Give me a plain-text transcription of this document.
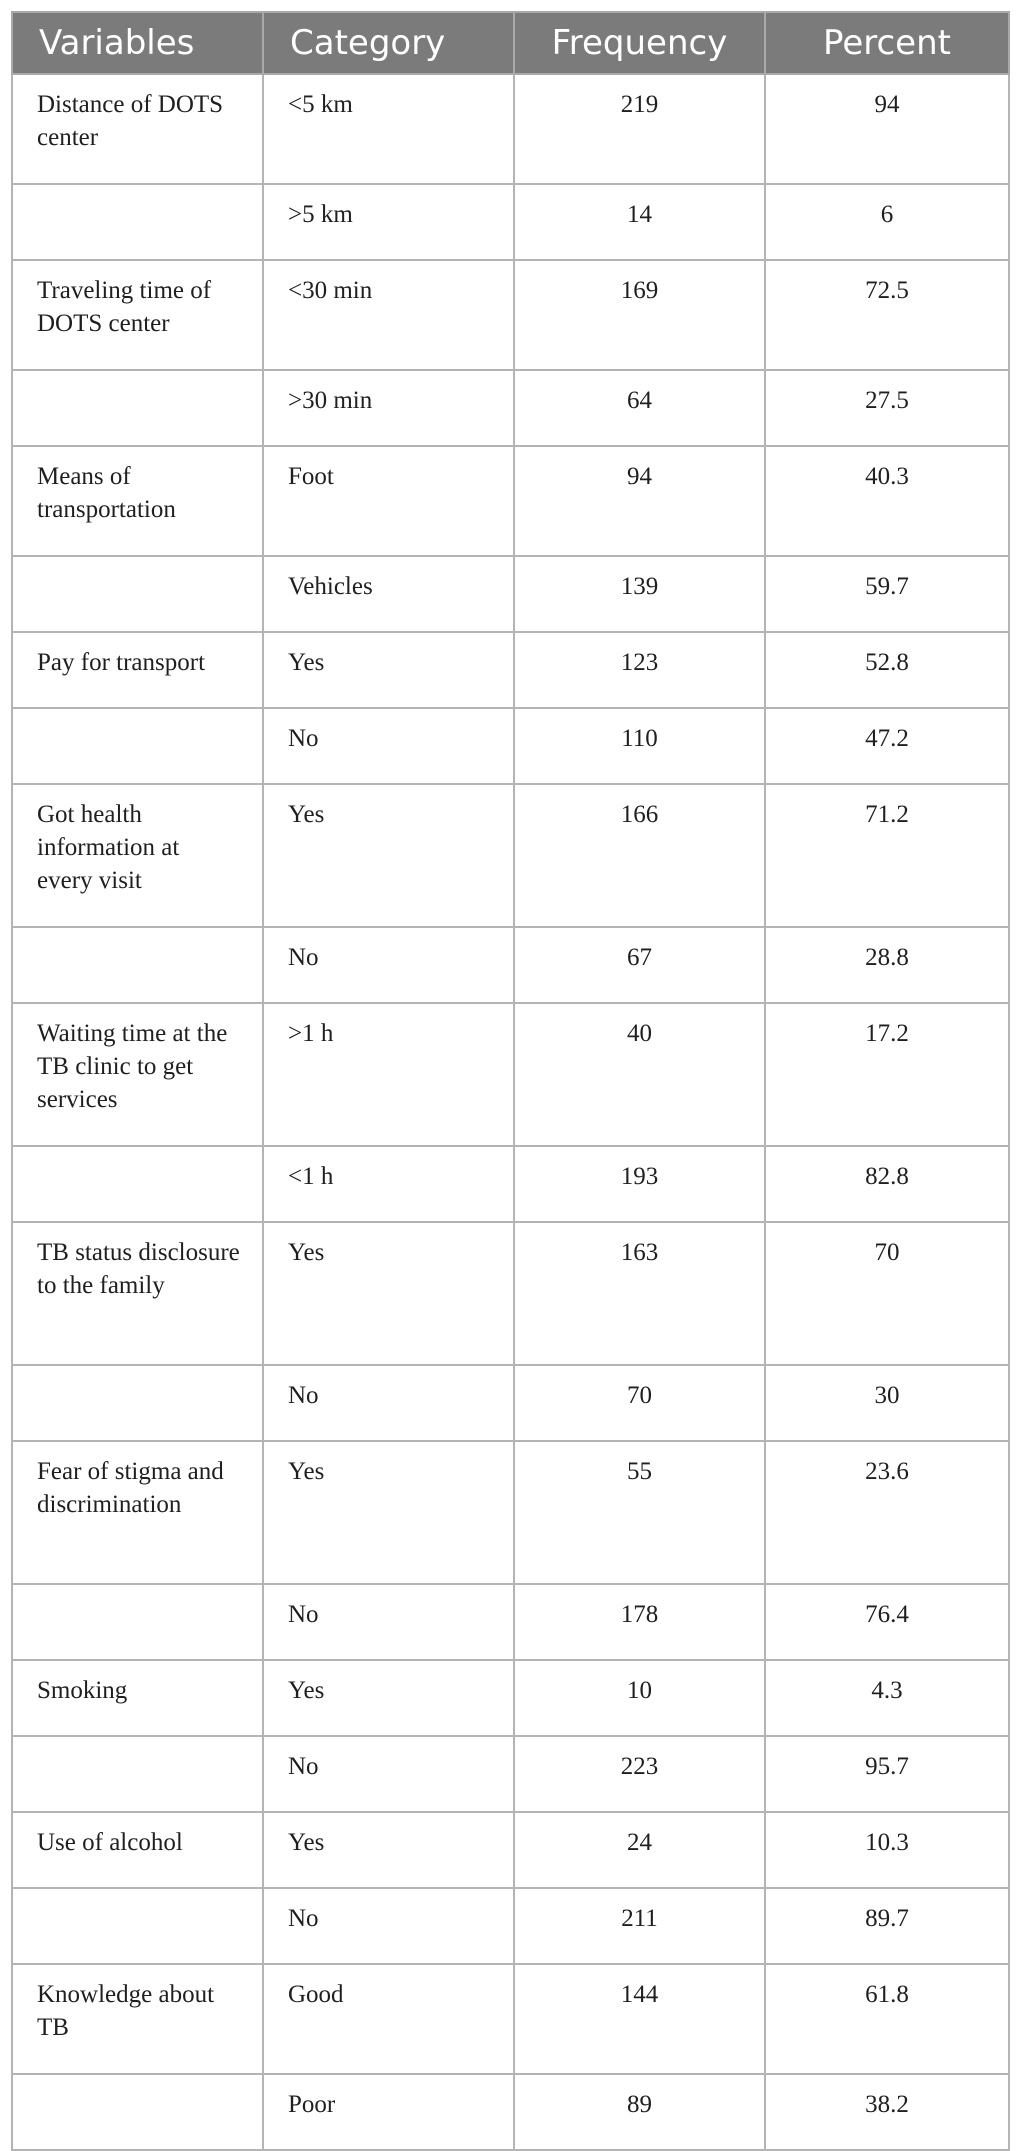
Variables	Category	Frequency	Percent
Distance of DOTS center	<5 km	219	94
	>5 km	14	6
Traveling time of DOTS center	<30 min	169	72.5
	>30 min	64	27.5
Means of transportation	Foot	94	40.3
	Vehicles	139	59.7
Pay for transport	Yes	123	52.8
	No	110	47.2
Got health information at every visit	Yes	166	71.2
	No	67	28.8
Waiting time at the TB clinic to get services	>1 h	40	17.2
	<1 h	193	82.8
TB status disclosure to the family	Yes	163	70
	No	70	30
Fear of stigma and discrimination	Yes	55	23.6
	No	178	76.4
Smoking	Yes	10	4.3
	No	223	95.7
Use of alcohol	Yes	24	10.3
	No	211	89.7
Knowledge about TB	Good	144	61.8
	Poor	89	38.2
